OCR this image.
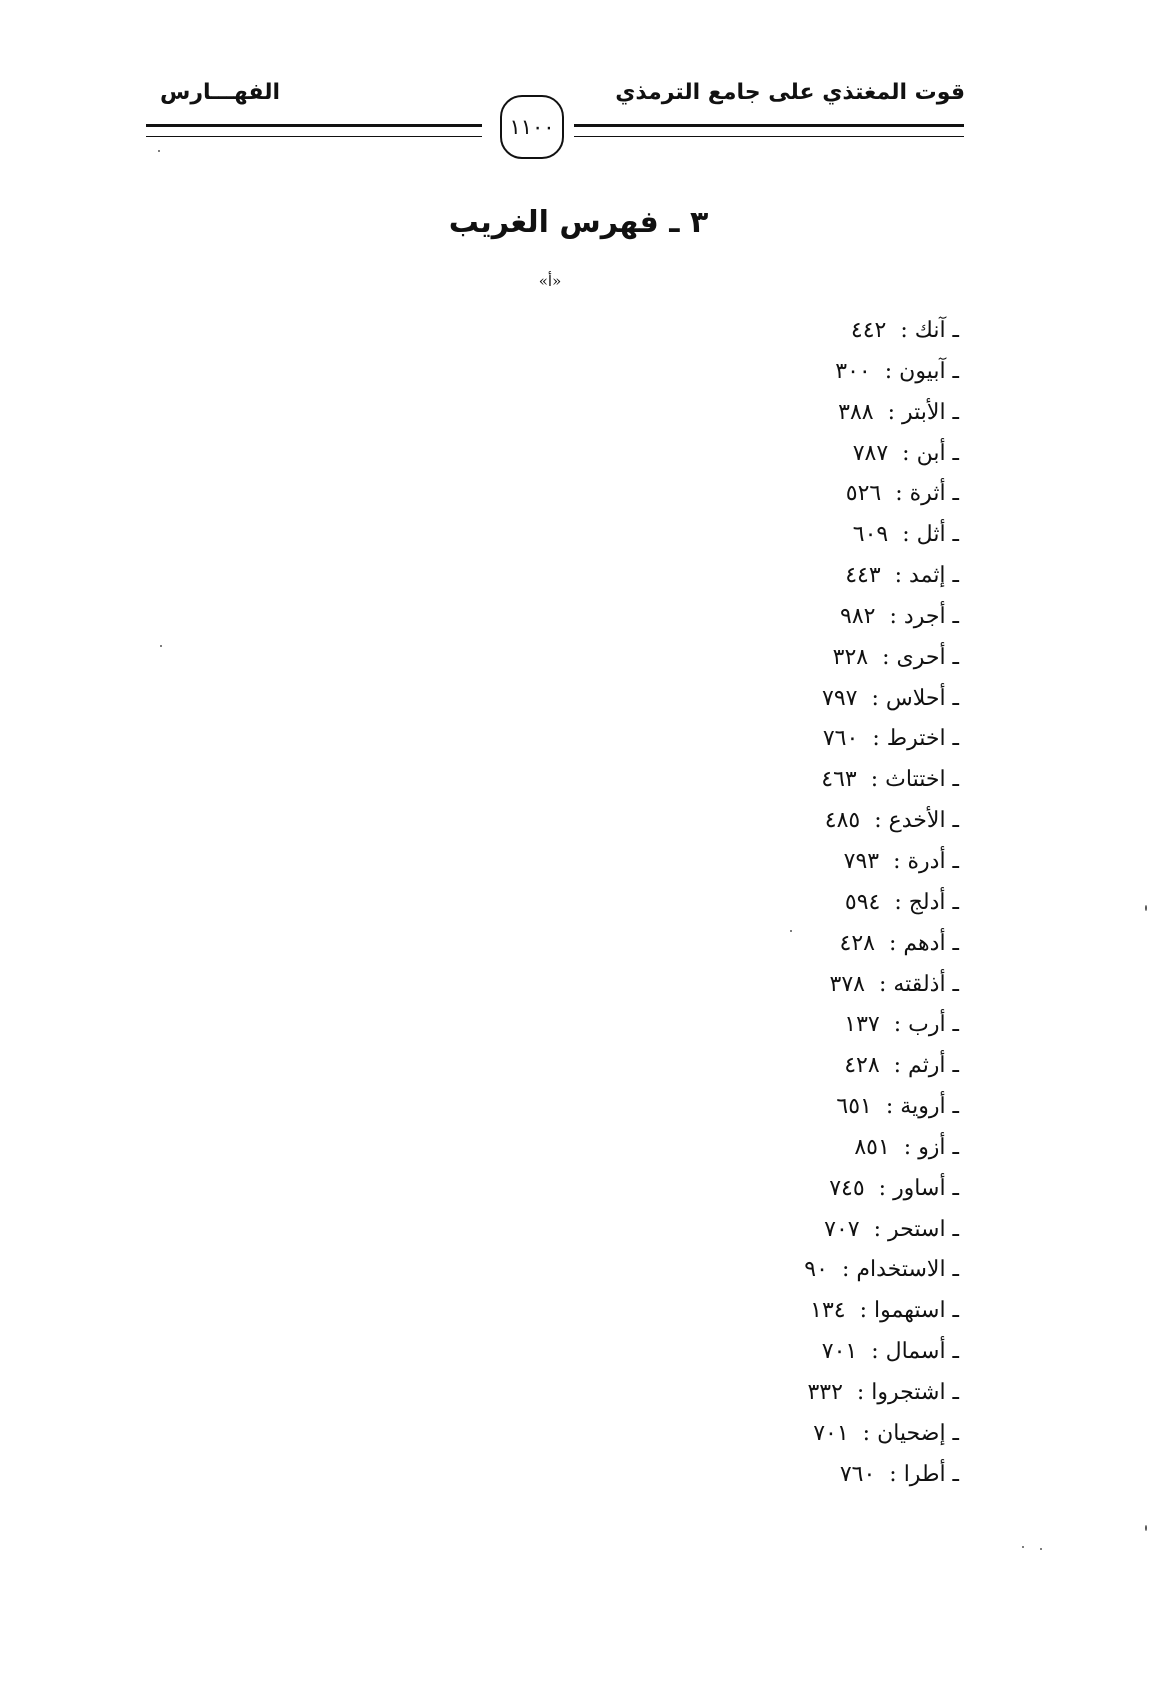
قوت المغتذي على جامع الترمذي
الفهـــارس
١١٠٠
٣ ـ فهرس الغريب
«أ»
ـ آنك :٤٤٢
ـ آبيون :٣٠٠
ـ الأبتر :٣٨٨
ـ أبن :٧٨٧
ـ أثرة :٥٢٦
ـ أثل :٦٠٩
ـ إثمد :٤٤٣
ـ أجرد :٩٨٢
ـ أحرى :٣٢٨
ـ أحلاس :٧٩٧
ـ اخترط :٧٦٠
ـ اختتاث :٤٦٣
ـ الأخدع :٤٨٥
ـ أدرة :٧٩٣
ـ أدلج :٥٩٤
ـ أدهم :٤٢٨
ـ أذلقته :٣٧٨
ـ أرب :١٣٧
ـ أرثم :٤٢٨
ـ أروية :٦٥١
ـ أزو :٨٥١
ـ أساور :٧٤٥
ـ استحر :٧٠٧
ـ الاستخدام :٩٠
ـ استهموا :١٣٤
ـ أسمال :٧٠١
ـ اشتجروا :٣٣٢
ـ إضحيان :٧٠١
ـ أطرا :٧٦٠
